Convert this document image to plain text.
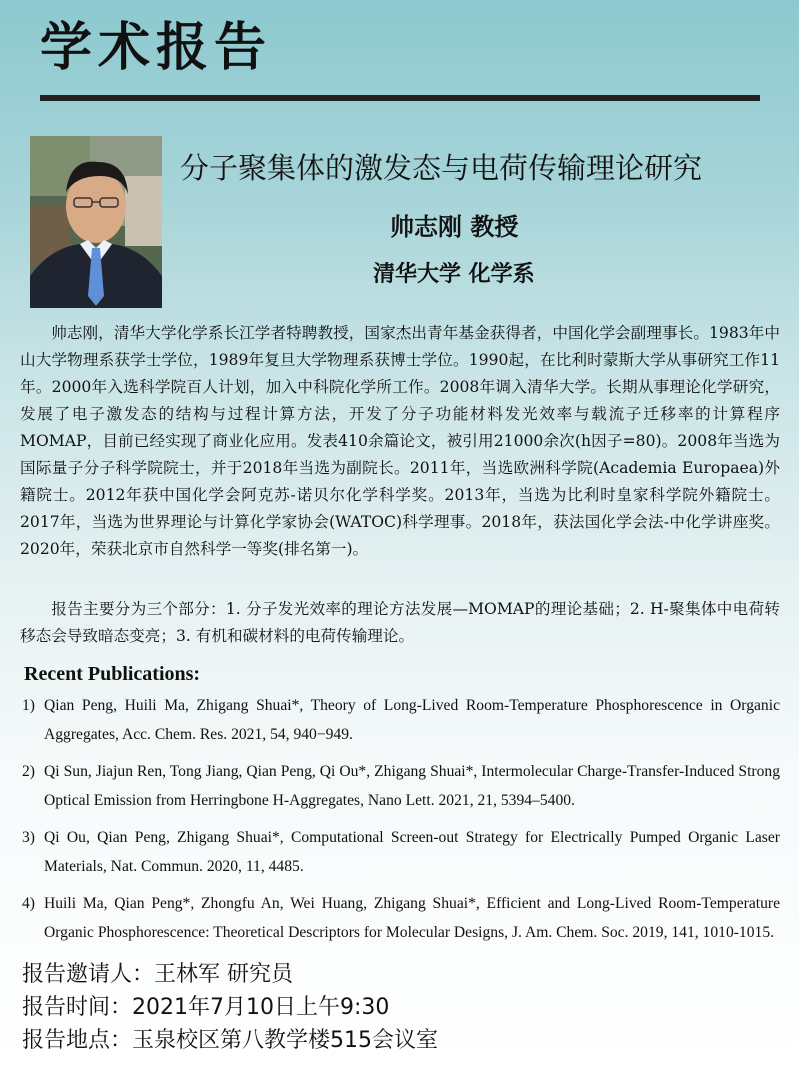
学术报告
分子聚集体的激发态与电荷传输理论研究
帅志刚 教授
清华大学 化学系

帅志刚，清华大学化学系长江学者特聘教授，国家杰出青年基金获得者，中国化学会副理事长。1983年中山大学物理系获学士学位，1989年复旦大学物理系获博士学位。1990起，在比利时蒙斯大学从事研究工作11年。2000年入选科学院百人计划，加入中科院化学所工作。2008年调入清华大学。长期从事理论化学研究，发展了电子激发态的结构与过程计算方法，开发了分子功能材料发光效率与载流子迁移率的计算程序MOMAP，目前已经实现了商业化应用。发表410余篇论文，被引用21000余次(h因子=80)。2008年当选为国际量子分子科学院院士，并于2018年当选为副院长。2011年，当选欧洲科学院(Academia Europaea)外籍院士。2012年获中国化学会阿克苏-诺贝尔化学科学奖。2013年，当选为比利时皇家科学院外籍院士。2017年，当选为世界理论与计算化学家协会(WATOC)科学理事。2018年，获法国化学会法-中化学讲座奖。2020年，荣获北京市自然科学一等奖(排名第一)。

报告主要分为三个部分：1. 分子发光效率的理论方法发展—MOMAP的理论基础；2. H-聚集体中电荷转移态会导致暗态变亮；3. 有机和碳材料的电荷传输理论。

Recent Publications:
1) Qian Peng, Huili Ma, Zhigang Shuai*, Theory of Long-Lived Room-Temperature Phosphorescence in Organic Aggregates, Acc. Chem. Res. 2021, 54, 940−949.
2) Qi Sun, Jiajun Ren, Tong Jiang, Qian Peng, Qi Ou*, Zhigang Shuai*, Intermolecular Charge-Transfer-Induced Strong Optical Emission from Herringbone H-Aggregates, Nano Lett. 2021, 21, 5394–5400.
3) Qi Ou, Qian Peng, Zhigang Shuai*, Computational Screen-out Strategy for Electrically Pumped Organic Laser Materials, Nat. Commun. 2020, 11, 4485.
4) Huili Ma, Qian Peng*, Zhongfu An, Wei Huang, Zhigang Shuai*, Efficient and Long-Lived Room-Temperature Organic Phosphorescence: Theoretical Descriptors for Molecular Designs, J. Am. Chem. Soc. 2019, 141, 1010-1015.
报告邀请人：王林军 研究员
报告时间：2021年7月10日上午9:30
报告地点：玉泉校区第八教学楼515会议室
